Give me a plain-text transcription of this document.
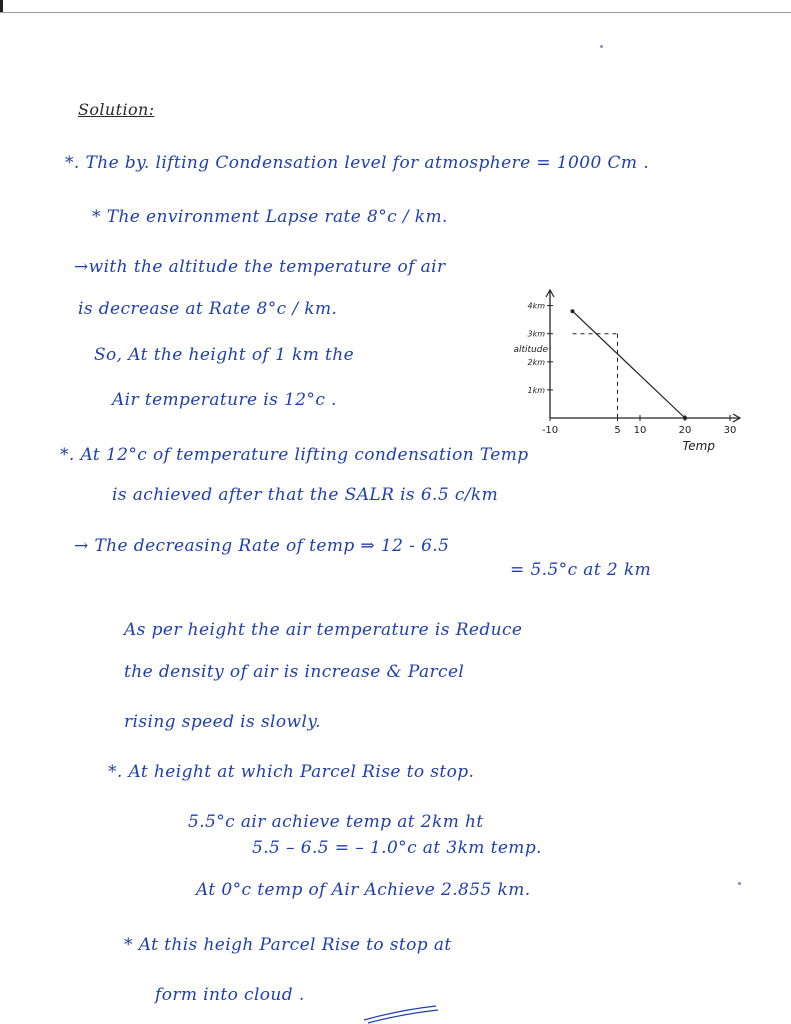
Solution:
*. The by. lifting Condensation level for atmosphere = 1000 Cm .
* The environment Lapse rate 8°c / km.
→with the altitude the temperature of air
is decrease at Rate 8°c / km.
So, At the height of 1 km the
Air temperature is 12°c .
*. At 12°c of temperature lifting condensation Temp
is achieved after that the SALR is 6.5 c/km
→ The decreasing Rate of temp ⇒ 12 - 6.5
= 5.5°c at 2 km
As per height the air temperature is Reduce
the density of air is increase & Parcel
rising speed is slowly.
*. At height at which Parcel Rise to stop.
5.5°c air achieve temp at 2km ht
5.5 – 6.5 = – 1.0°c at 3km temp.
At 0°c temp of Air Achieve 2.855 km.
* At this heigh Parcel Rise to stop at
form into cloud .
-10	5 10	20	30
1km
2km
3km
4km
altitude
Temp
